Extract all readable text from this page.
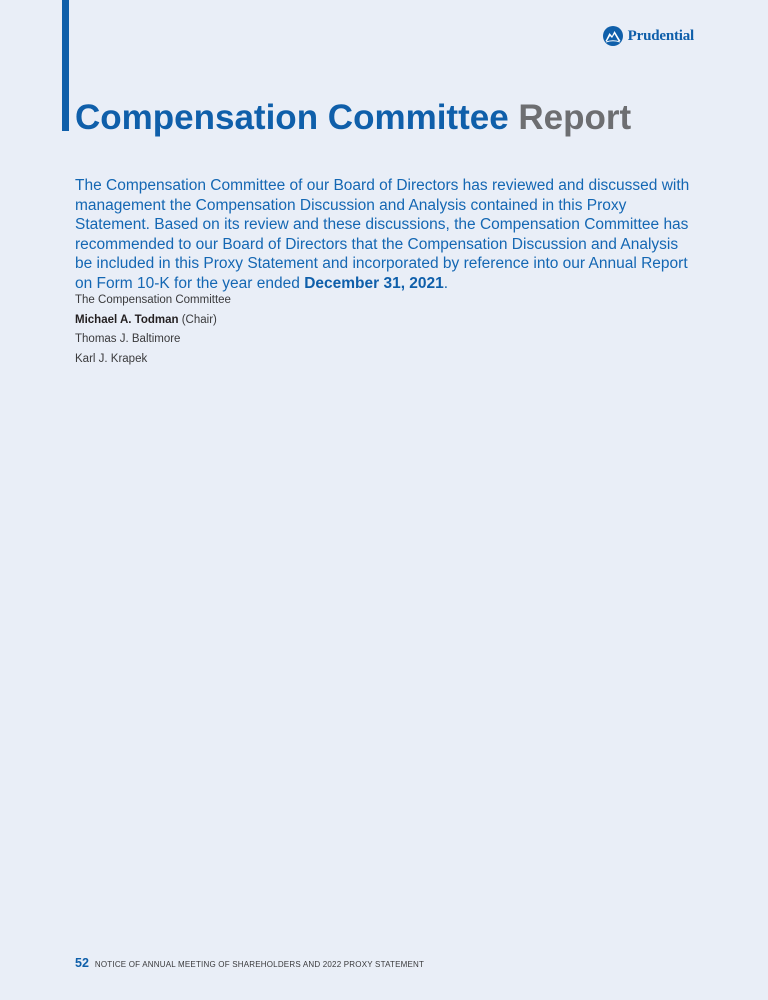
Prudential
Compensation Committee Report

The Compensation Committee of our Board of Directors has reviewed and discussed with management the Compensation Discussion and Analysis contained in this Proxy Statement. Based on its review and these discussions, the Compensation Committee has recommended to our Board of Directors that the Compensation Discussion and Analysis be included in this Proxy Statement and incorporated by reference into our Annual Report on Form 10-K for the year ended December 31, 2021.

The Compensation Committee
Michael A. Todman (Chair)
Thomas J. Baltimore
Karl J. Krapek
52 NOTICE OF ANNUAL MEETING OF SHAREHOLDERS AND 2022 PROXY STATEMENT
